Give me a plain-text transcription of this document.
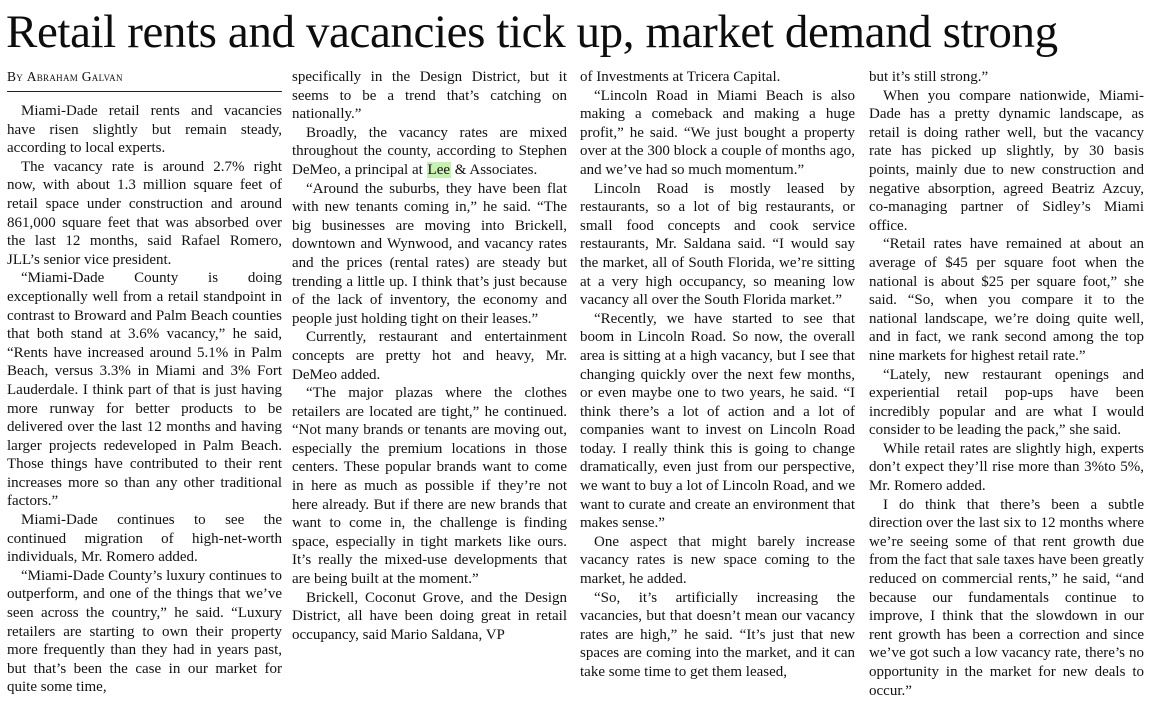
Retail rents and vacancies tick up, market demand strong
By Abraham Galvan

Miami-Dade retail rents and vacancies have risen slightly but remain steady, according to local experts.

The vacancy rate is around 2.7% right now, with about 1.3 million square feet of retail space under construction and around 861,000 square feet that was absorbed over the last 12 months, said Rafael Romero, JLL’s senior vice president.

“Miami-Dade County is doing exceptionally well from a retail standpoint in contrast to Broward and Palm Beach counties that both stand at 3.6% vacancy,” he said, “Rents have increased around 5.1% in Palm Beach, versus 3.3% in Miami and 3% Fort Lauderdale. I think part of that is just having more runway for better products to be delivered over the last 12 months and having larger projects redeveloped in Palm Beach. Those things have contributed to their rent increases more so than any other traditional factors.”

Miami-Dade continues to see the continued migration of high-net-worth individuals, Mr. Romero added.

“Miami-Dade County’s luxury continues to outperform, and one of the things that we’ve seen across the country,” he said. “Luxury retailers are starting to own their property more frequently than they had in years past, but that’s been the case in our market for quite some time,

specifically in the Design District, but it seems to be a trend that’s catching on nationally.”

Broadly, the vacancy rates are mixed throughout the county, according to Stephen DeMeo, a principal at Lee & Associates.

“Around the suburbs, they have been flat with new tenants coming in,” he said. “The big businesses are moving into Brickell, downtown and Wynwood, and vacancy rates and the prices (rental rates) are steady but trending a little up. I think that’s just because of the lack of inventory, the economy and people just holding tight on their leases.”

Currently, restaurant and entertainment concepts are pretty hot and heavy, Mr. DeMeo added.

“The major plazas where the clothes retailers are located are tight,” he continued. “Not many brands or tenants are moving out, especially the premium locations in those centers. These popular brands want to come in here as much as possible if they’re not here already. But if there are new brands that want to come in, the challenge is finding space, especially in tight markets like ours. It’s really the mixed-use developments that are being built at the moment.”

Brickell, Coconut Grove, and the Design District, all have been doing great in retail occupancy, said Mario Saldana, VP

of Investments at Tricera Capital.

“Lincoln Road in Miami Beach is also making a comeback and making a huge profit,” he said. “We just bought a property over at the 300 block a couple of months ago, and we’ve had so much momentum.”

Lincoln Road is mostly leased by restaurants, so a lot of big restaurants, or small food concepts and cook service restaurants, Mr. Saldana said. “I would say the market, all of South Florida, we’re sitting at a very high occupancy, so meaning low vacancy all over the South Florida market.”

“Recently, we have started to see that boom in Lincoln Road. So now, the overall area is sitting at a high vacancy, but I see that changing quickly over the next few months, or even maybe one to two years, he said. “I think there’s a lot of action and a lot of companies want to invest on Lincoln Road today. I really think this is going to change dramatically, even just from our perspective, we want to buy a lot of Lincoln Road, and we want to curate and create an environment that makes sense.”

One aspect that might barely increase vacancy rates is new space coming to the market, he added.

“So, it’s artificially increasing the vacancies, but that doesn’t mean our vacancy rates are high,” he said. “It’s just that new spaces are coming into the market, and it can take some time to get them leased,

but it’s still strong.”

When you compare nationwide, Miami-Dade has a pretty dynamic landscape, as retail is doing rather well, but the vacancy rate has picked up slightly, by 30 basis points, mainly due to new construction and negative absorption, agreed Beatriz Azcuy, co-managing partner of Sidley’s Miami office.

“Retail rates have remained at about an average of $45 per square foot when the national is about $25 per square foot,” she said. “So, when you compare it to the national landscape, we’re doing quite well, and in fact, we rank second among the top nine markets for highest retail rate.”

“Lately, new restaurant openings and experiential retail pop-ups have been incredibly popular and are what I would consider to be leading the pack,” she said.

While retail rates are slightly high, experts don’t expect they’ll rise more than 3%to 5%, Mr. Romero added.

I do think that there’s been a subtle direction over the last six to 12 months where we’re seeing some of that rent growth due from the fact that sale taxes have been greatly reduced on commercial rents,” he said, “and because our fundamentals continue to improve, I think that the slowdown in our rent growth has been a correction and since we’ve got such a low vacancy rate, there’s no opportunity in the market for new deals to occur.”
